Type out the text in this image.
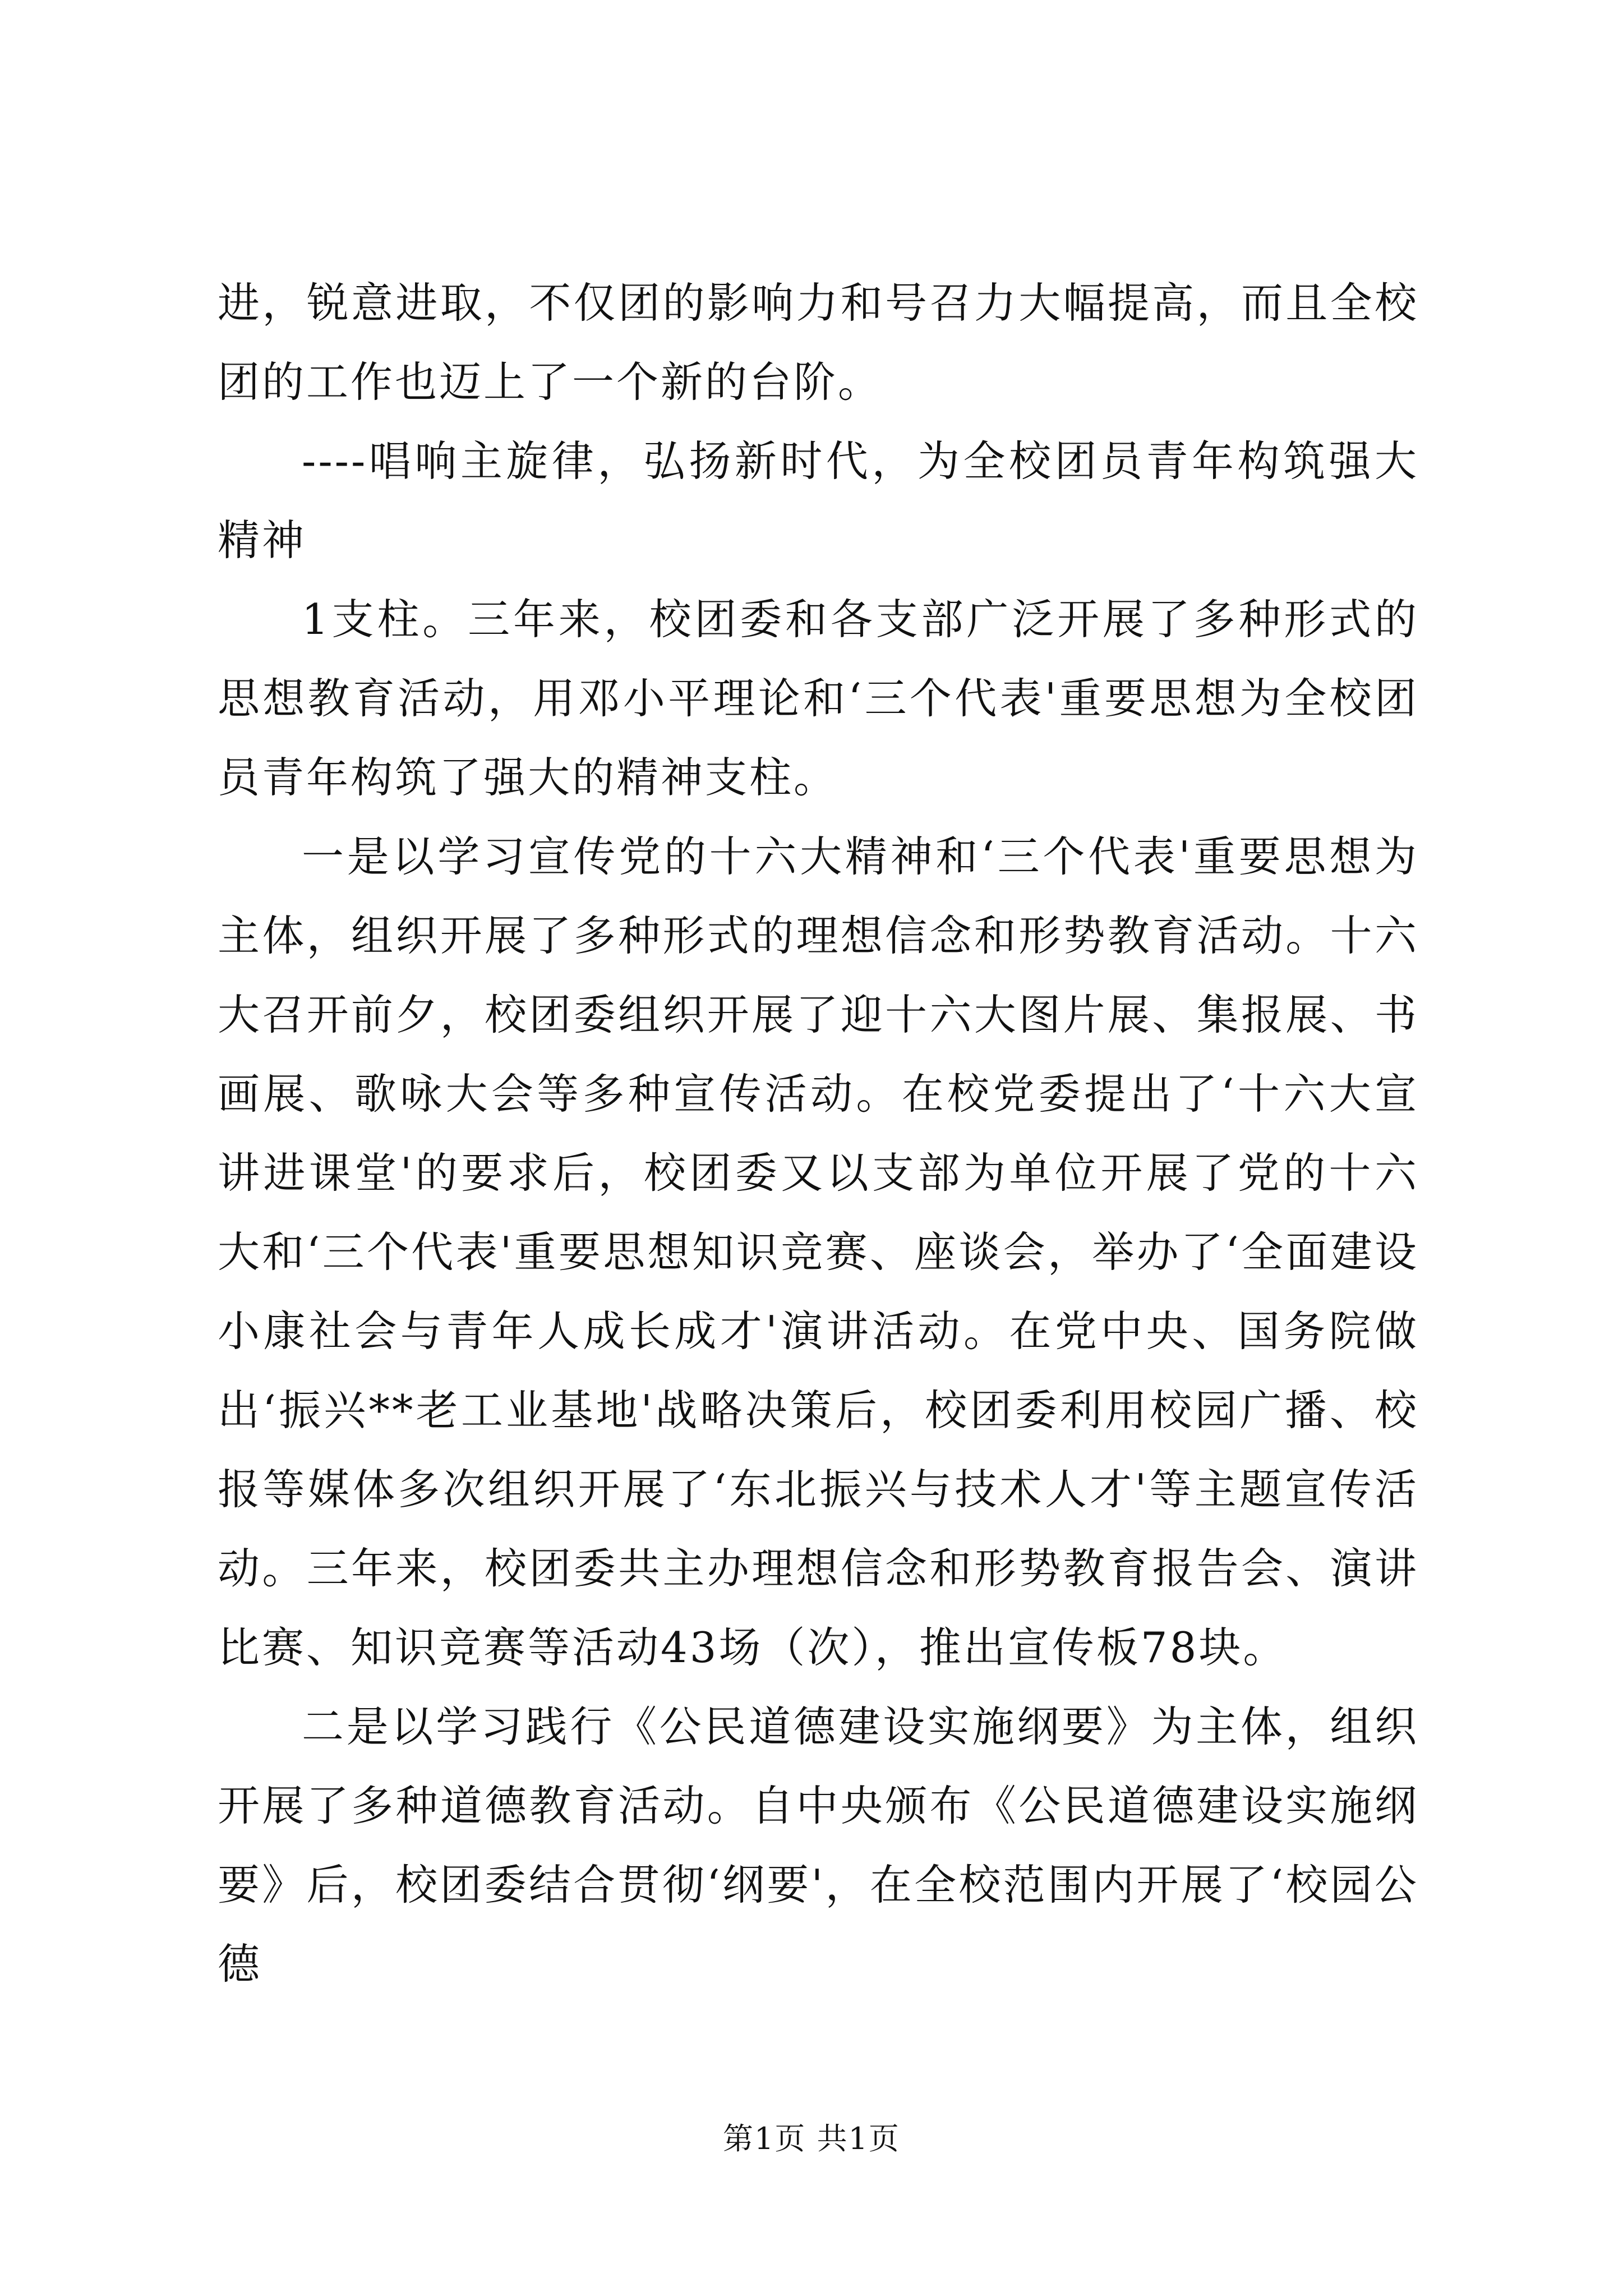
进，锐意进取，不仅团的影响力和号召力大幅提高，而且全校团的工作也迈上了一个新的台阶。

----唱响主旋律，弘扬新时代，为全校团员青年构筑强大精神

1支柱。三年来，校团委和各支部广泛开展了多种形式的思想教育活动，用邓小平理论和‘三个代表'重要思想为全校团员青年构筑了强大的精神支柱。

一是以学习宣传党的十六大精神和‘三个代表'重要思想为主体，组织开展了多种形式的理想信念和形势教育活动。十六大召开前夕，校团委组织开展了迎十六大图片展、集报展、书画展、歌咏大会等多种宣传活动。在校党委提出了‘十六大宣讲进课堂'的要求后，校团委又以支部为单位开展了党的十六大和‘三个代表'重要思想知识竞赛、座谈会，举办了‘全面建设小康社会与青年人成长成才'演讲活动。在党中央、国务院做出‘振兴**老工业基地'战略决策后，校团委利用校园广播、校报等媒体多次组织开展了‘东北振兴与技术人才'等主题宣传活动。三年来，校团委共主办理想信念和形势教育报告会、演讲比赛、知识竞赛等活动43场（次），推出宣传板78块。

二是以学习践行《公民道德建设实施纲要》为主体，组织开展了多种道德教育活动。自中央颁布《公民道德建设实施纲要》后，校团委结合贯彻‘纲要'，在全校范围内开展了‘校园公德

第1页 共1页
